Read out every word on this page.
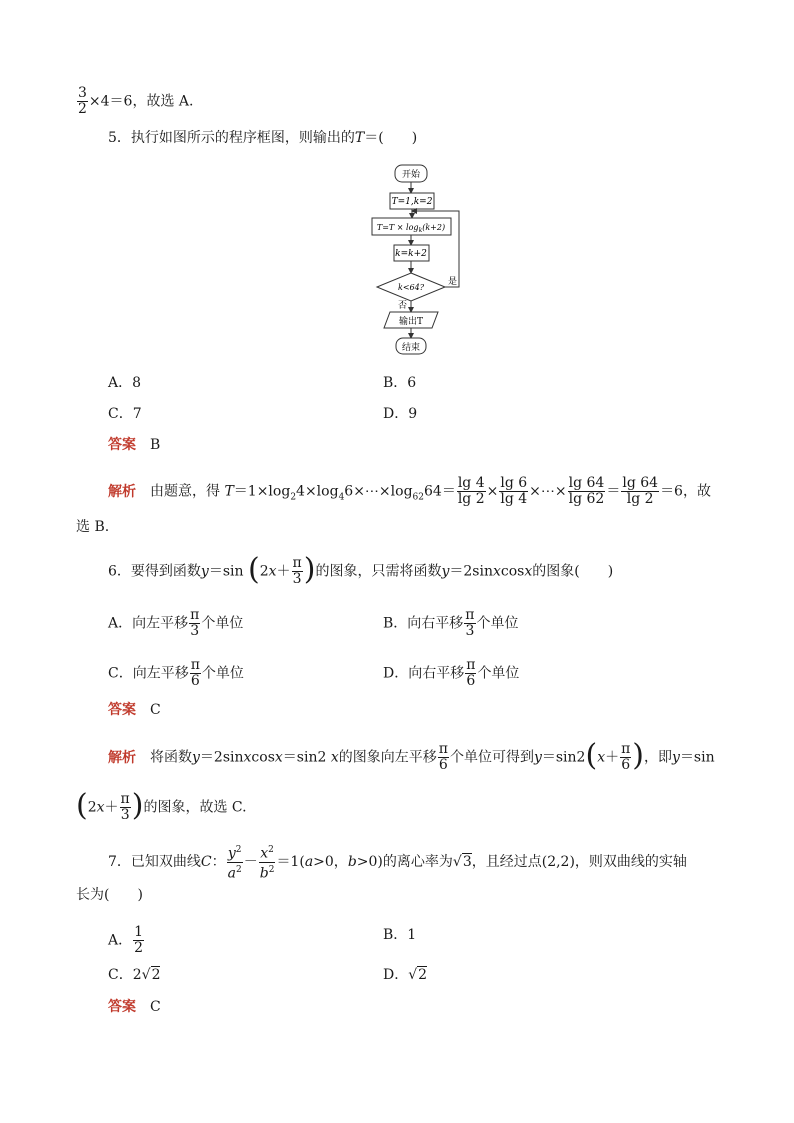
$\frac{3}{2} \times 4=6$，故选 A.
5．执行如图所示的程序框图，则输出的T＝(　　)
开始
T=1,k=2
$T=T \times \log_k(k+2)$
k=k+2
k<64?
是
否
输出T
结束
A．8	B．6
C．7	D．9
答案 B
解析 由题意，得 $T=1\times\log_24\times\log_46\times\cdots\times\log_{62}64= \frac{\lg 4}{\lg 2} \times \frac{\lg 6}{\lg 4}$ ×⋯× $\frac{\lg 64}{\lg 62} = \frac{\lg 64}{\lg 2} =6$，故
选 B.
6．要得到函数y＝sin ($2x+ \frac{\pi}{3}$ )的图象，只需将函数y＝2sinxcosx的图象(　　)
A．向左平移 $\frac{\pi}{3}$ 个单位	B．向右平移 $\frac{\pi}{3}$ 个单位
C．向左平移 $\frac{\pi}{6}$ 个单位	D．向右平移 $\frac{\pi}{6}$ 个单位
答案 C
解析 将函数y＝2sinxcosx＝sin2 x的图象向左平移 $\frac{\pi}{6}$ 个单位可得到$y=\sin 2(x+ \frac{\pi}{6}$ )，即y＝sin
($2x+ \frac{\pi}{3}$ )的图象，故选 C.
7．已知双曲线C： $\frac{y^2}{a^2} - \frac{x^2}{b^2} =1(a>0$，b>0)的离心率为√3，且经过点(2,2)，则双曲线的实轴
长为(　　)
A． $\frac{1}{2}$	B．1
C．2√2	D．√2
答案 C
